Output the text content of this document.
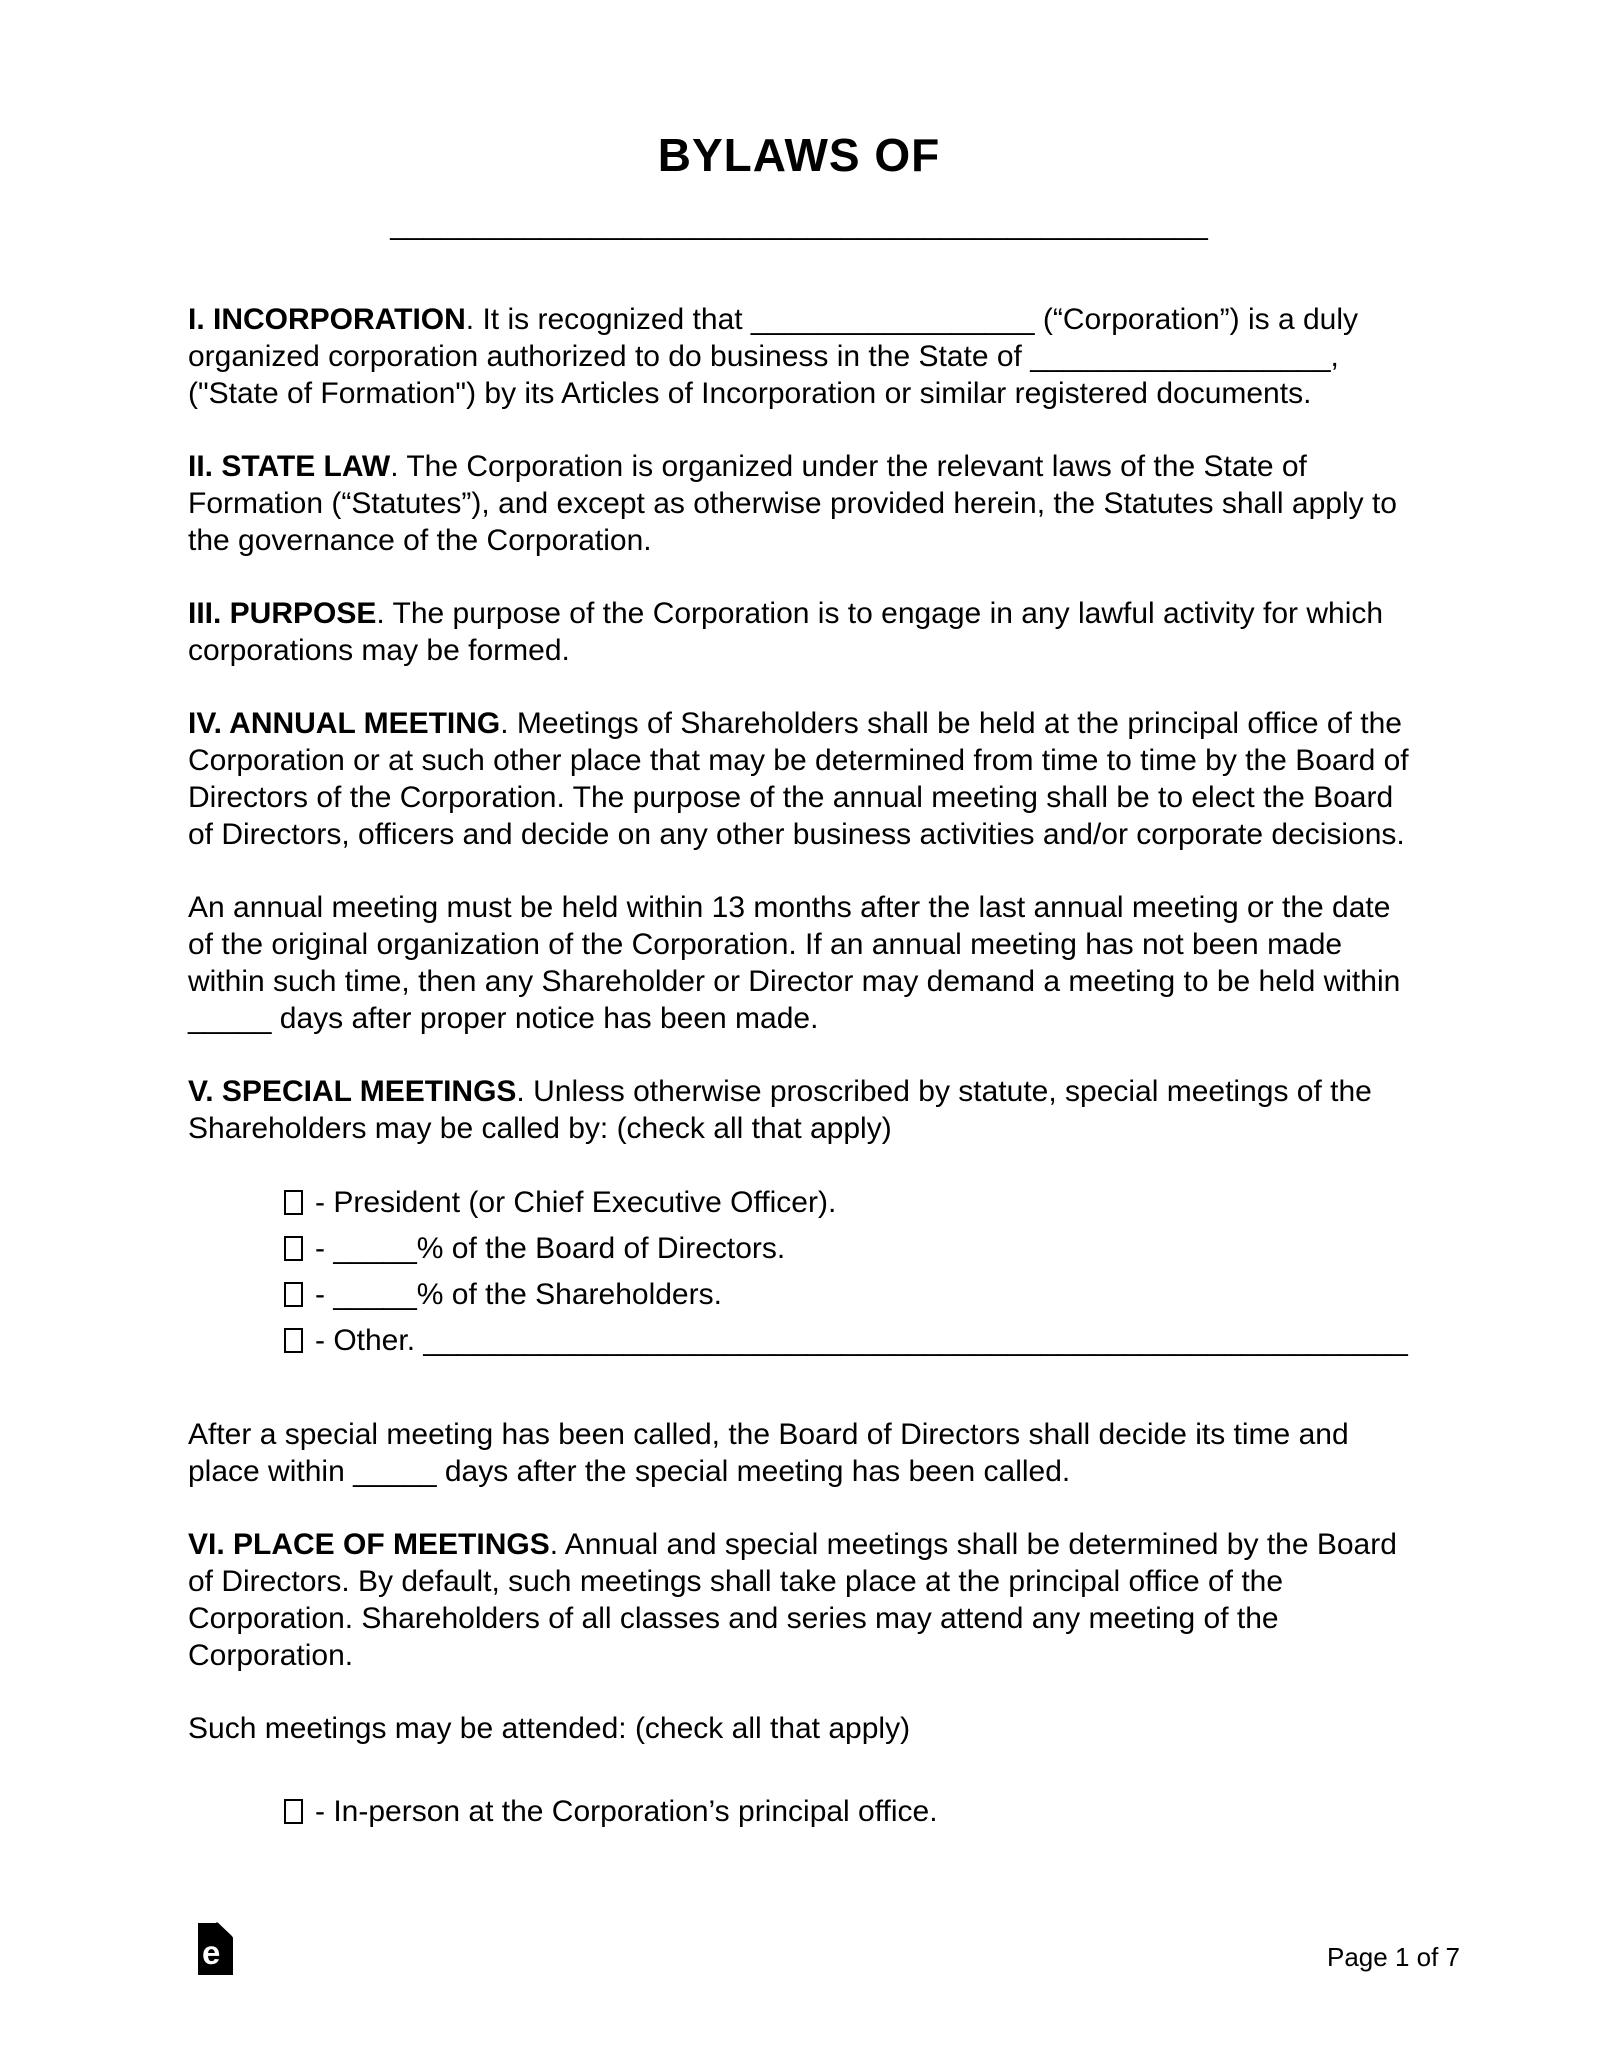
BYLAWS OF
_________________________________________________

I. INCORPORATION. It is recognized that _________________ (“Corporation”) is a duly organized corporation authorized to do business in the State of __________________, ("State of Formation") by its Articles of Incorporation or similar registered documents.

II. STATE LAW. The Corporation is organized under the relevant laws of the State of Formation (“Statutes”), and except as otherwise provided herein, the Statutes shall apply to the governance of the Corporation.

III. PURPOSE. The purpose of the Corporation is to engage in any lawful activity for which corporations may be formed.

IV. ANNUAL MEETING. Meetings of Shareholders shall be held at the principal office of the Corporation or at such other place that may be determined from time to time by the Board of Directors of the Corporation. The purpose of the annual meeting shall be to elect the Board of Directors, officers and decide on any other business activities and/or corporate decisions.

An annual meeting must be held within 13 months after the last annual meeting or the date of the original organization of the Corporation. If an annual meeting has not been made within such time, then any Shareholder or Director may demand a meeting to be held within _____ days after proper notice has been made.

V. SPECIAL MEETINGS. Unless otherwise proscribed by statute, special meetings of the Shareholders may be called by: (check all that apply)

- President (or Chief Executive Officer).
- _____% of the Board of Directors.
- _____% of the Shareholders.
- Other. ___________________________________________________________

After a special meeting has been called, the Board of Directors shall decide its time and place within _____ days after the special meeting has been called.

VI. PLACE OF MEETINGS. Annual and special meetings shall be determined by the Board of Directors. By default, such meetings shall take place at the principal office of the Corporation. Shareholders of all classes and series may attend any meeting of the Corporation.

Such meetings may be attended: (check all that apply)

- In-person at the Corporation’s principal office.
e	Page 1 of 7
